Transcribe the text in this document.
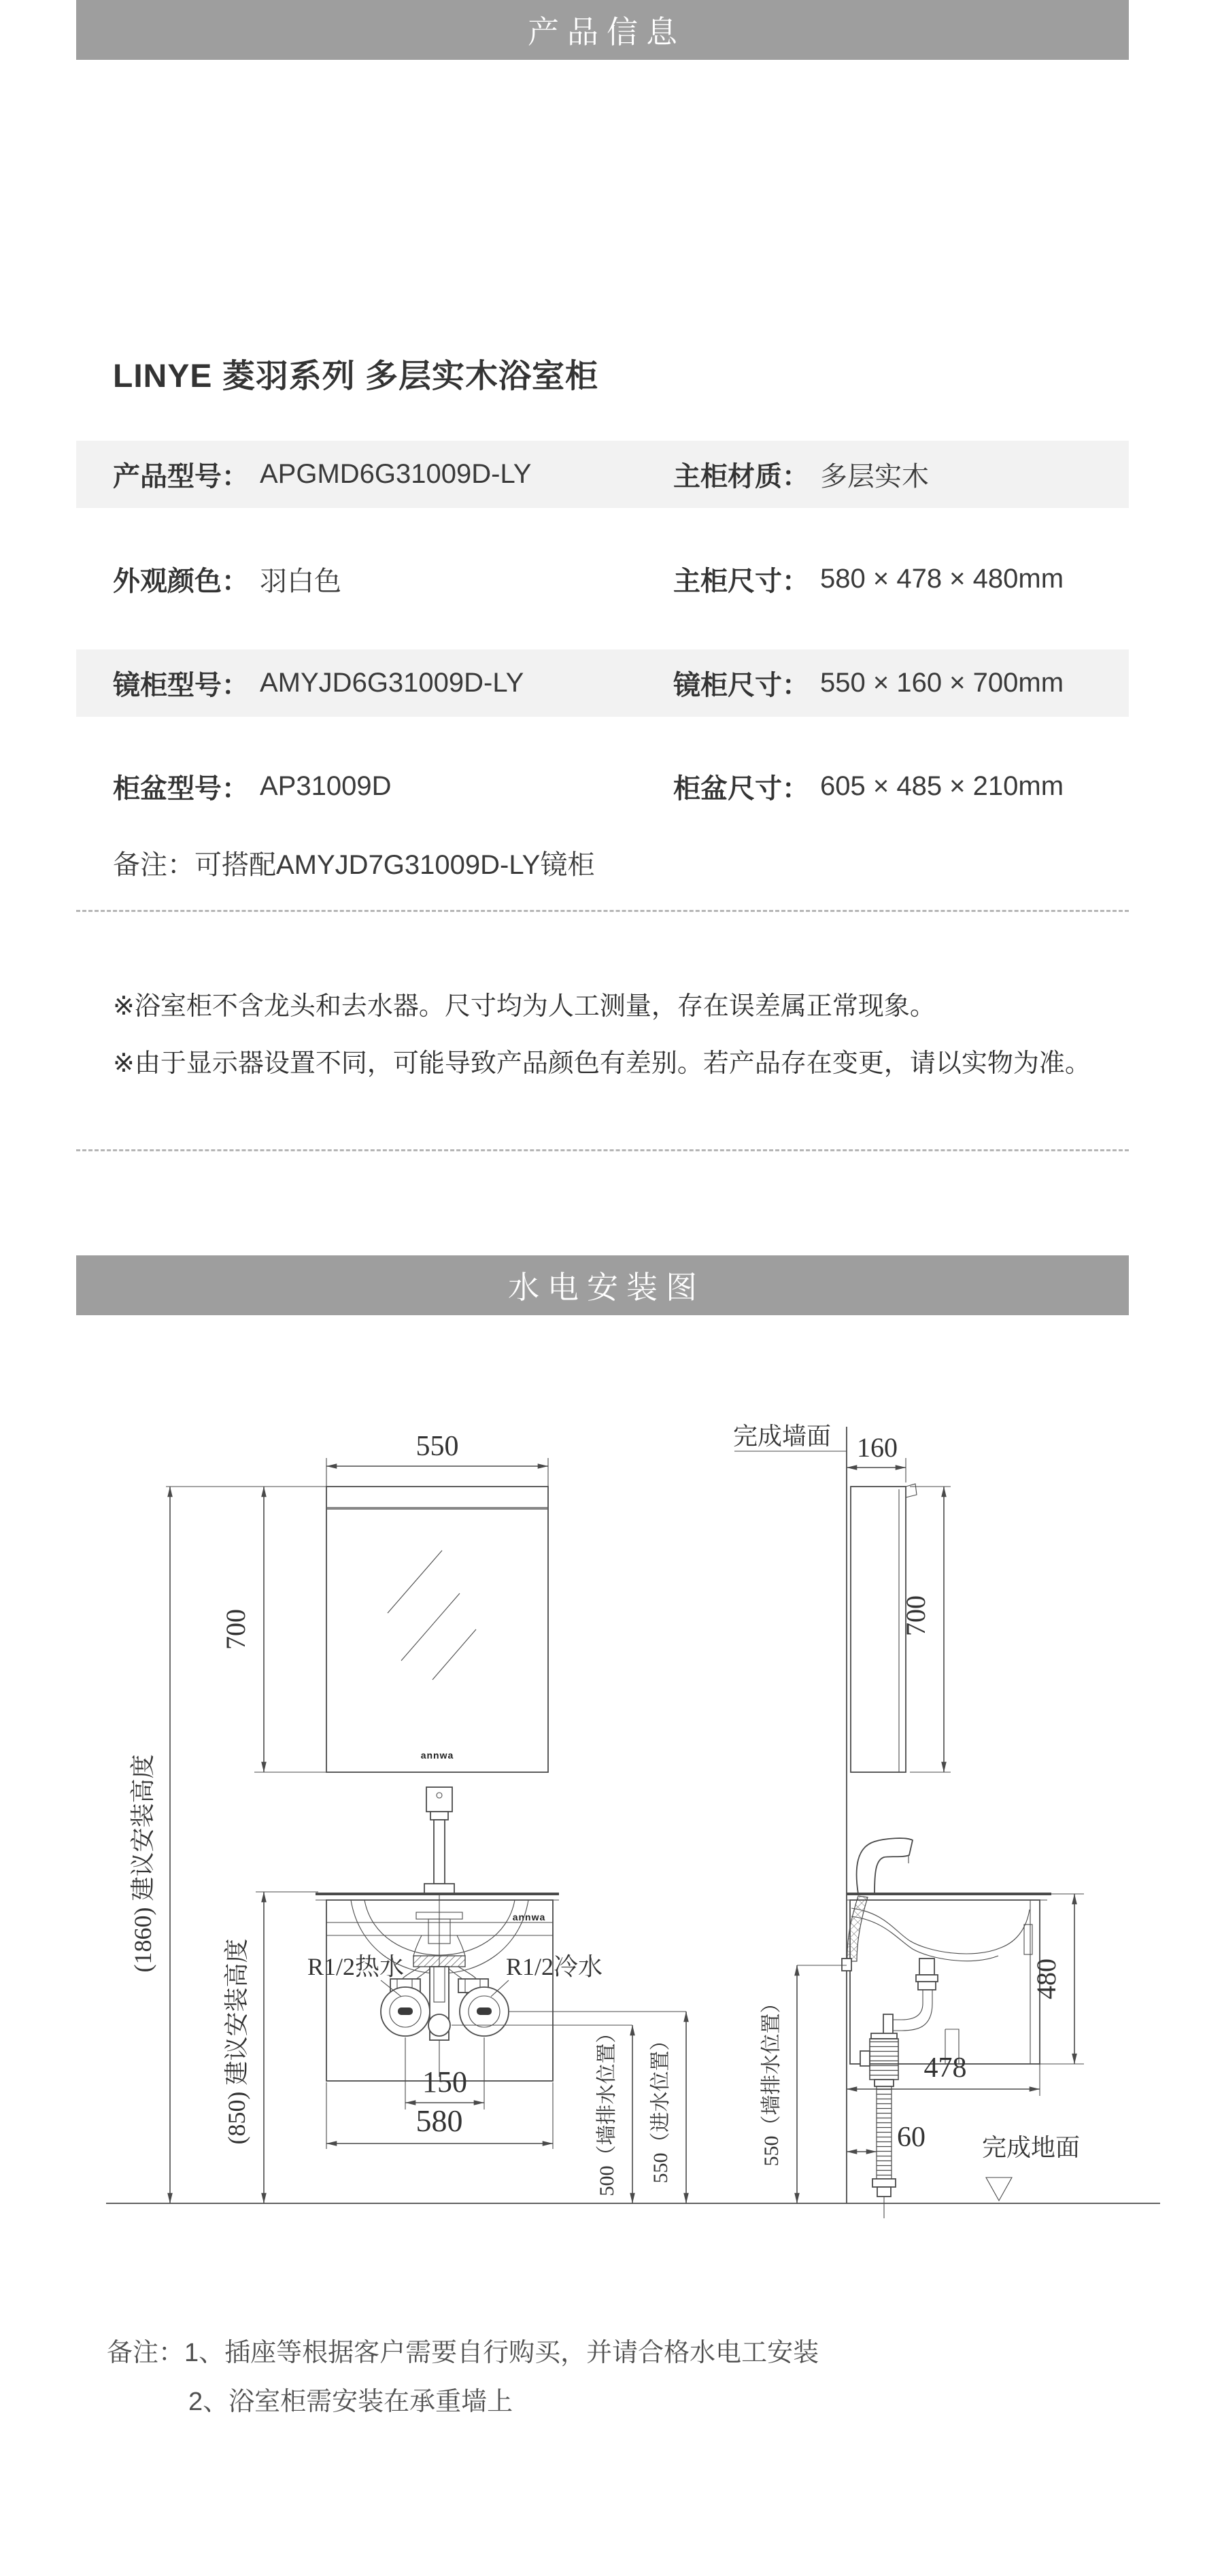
产品信息
LINYE 菱羽系列 多层实木浴室柜
产品型号： APGMD6G31009D-LY	主柜材质： 多层实木
外观颜色： 羽白色	主柜尺寸： 580 × 478 × 480mm
镜柜型号： AMYJD6G31009D-LY	镜柜尺寸： 550 × 160 × 700mm
柜盆型号： AP31009D	柜盆尺寸： 605 × 485 × 210mm
备注：可搭配AMYJD7G31009D-LY镜柜
※浴室柜不含龙头和去水器。尺寸均为人工测量，存在误差属正常现象。
※由于显示器设置不同，可能导致产品颜色有差别。若产品存在变更，请以实物为准。
水电安装图
550
annwa
700
(1860) 建议安装高度
(850) 建议安装高度
annwa
R1/2热水	R1/2冷水
150
580	500（墙排水位置） 550（进水位置）
完成墙面 160
700
550（墙排水位置）
480
478
60 完成地面
备注：1、插座等根据客户需要自行购买，并请合格水电工安装
2、浴室柜需安装在承重墙上
